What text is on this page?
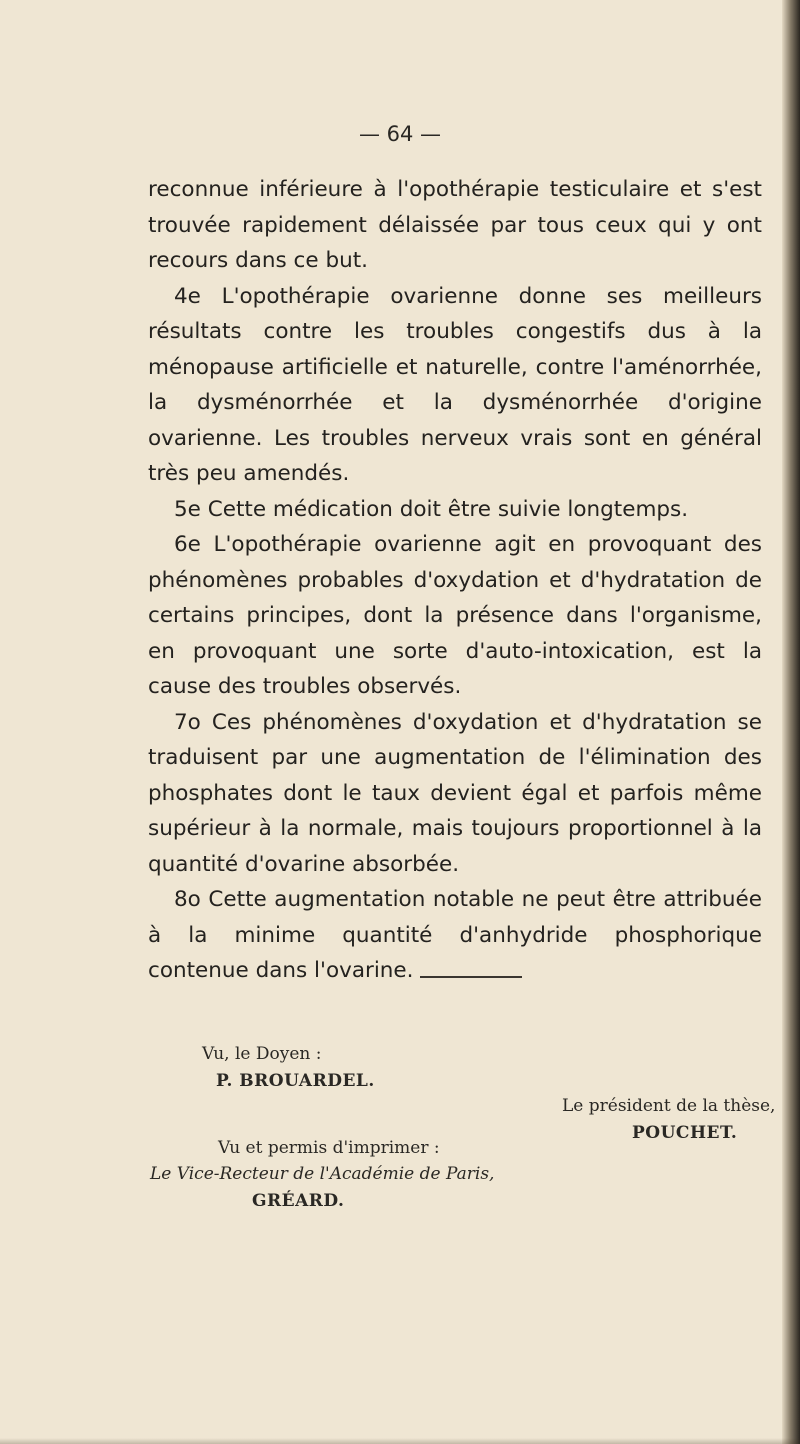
— 64 —

reconnue inférieure à l'opothérapie testiculaire et s'est trouvée rapidement délaissée par tous ceux qui y ont recours dans ce but.

4e L'opothérapie ovarienne donne ses meilleurs résultats contre les troubles congestifs dus à la ménopause artificielle et naturelle, contre l'aménorrhée, la dysménorrhée et la dysménorrhée d'origine ovarienne. Les troubles nerveux vrais sont en général très peu amendés.

5e Cette médication doit être suivie longtemps.

6e L'opothérapie ovarienne agit en provoquant des phénomènes probables d'oxydation et d'hydratation de certains principes, dont la présence dans l'organisme, en provoquant une sorte d'auto-intoxication, est la cause des troubles observés.

7o Ces phénomènes d'oxydation et d'hydratation se traduisent par une augmentation de l'élimination des phosphates dont le taux devient égal et parfois même supérieur à la normale, mais toujours proportionnel à la quantité d'ovarine absorbée.

8o Cette augmentation notable ne peut être attribuée à la minime quantité d'anhydride phosphorique contenue dans l'ovarine.

Vu, le Doyen :
P. BROUARDEL.
Le président de la thèse,
POUCHET.
Vu et permis d'imprimer :
Le Vice-Recteur de l'Académie de Paris,
GRÉARD.
